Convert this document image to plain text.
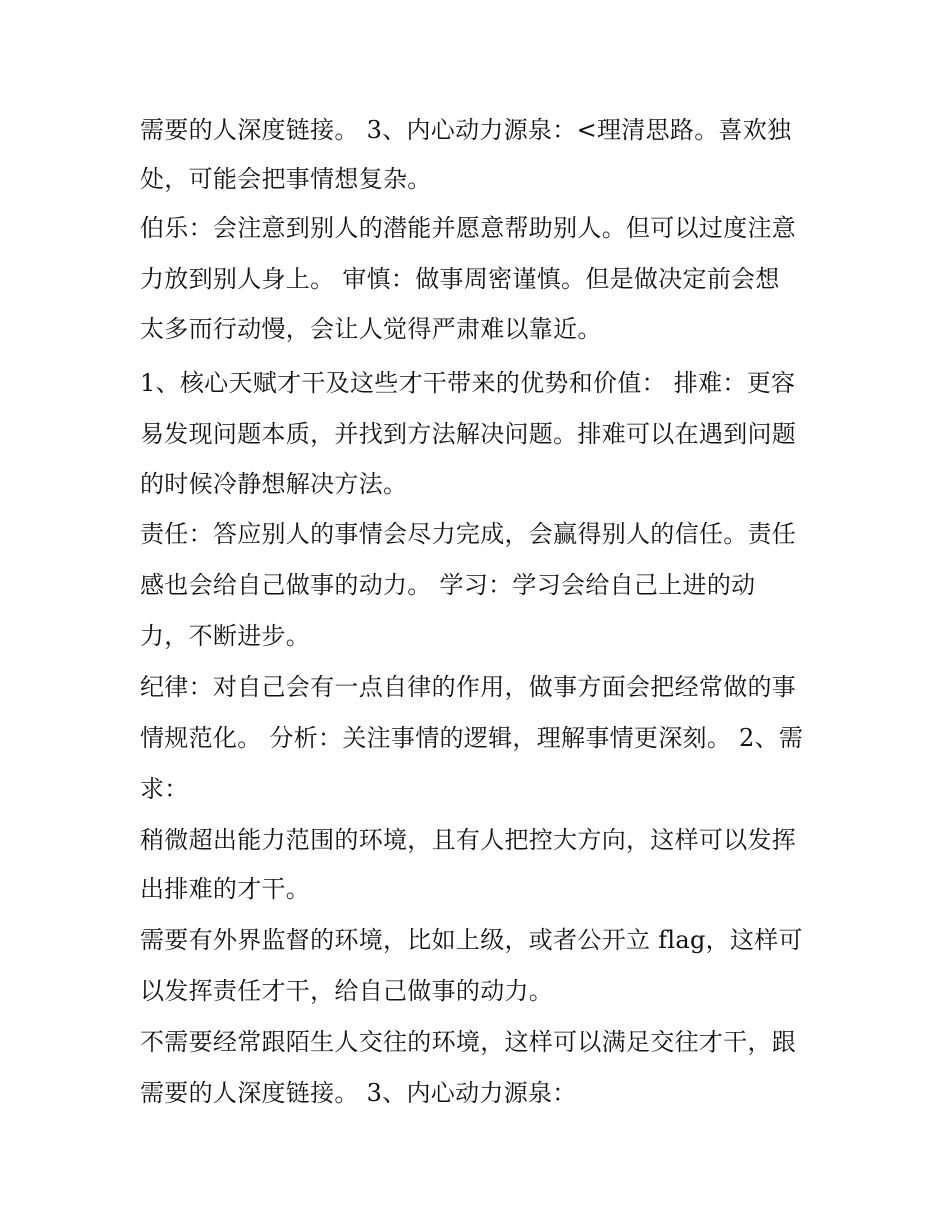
需要的人深度链接。 3、内心动力源泉：<理清思路。喜欢独
处，可能会把事情想复杂。
伯乐：会注意到别人的潜能并愿意帮助别人。但可以过度注意
力放到别人身上。 审慎：做事周密谨慎。但是做决定前会想
太多而行动慢，会让人觉得严肃难以靠近。
1、核心天赋才干及这些才干带来的优势和价值： 排难：更容
易发现问题本质，并找到方法解决问题。排难可以在遇到问题
的时候冷静想解决方法。
责任：答应别人的事情会尽力完成，会赢得别人的信任。责任
感也会给自己做事的动力。 学习：学习会给自己上进的动
力，不断进步。
纪律：对自己会有一点自律的作用，做事方面会把经常做的事
情规范化。 分析：关注事情的逻辑，理解事情更深刻。 2、需
求：
稍微超出能力范围的环境，且有人把控大方向，这样可以发挥
出排难的才干。
需要有外界监督的环境，比如上级，或者公开立 flag，这样可
以发挥责任才干，给自己做事的动力。
不需要经常跟陌生人交往的环境，这样可以满足交往才干，跟
需要的人深度链接。 3、内心动力源泉：
